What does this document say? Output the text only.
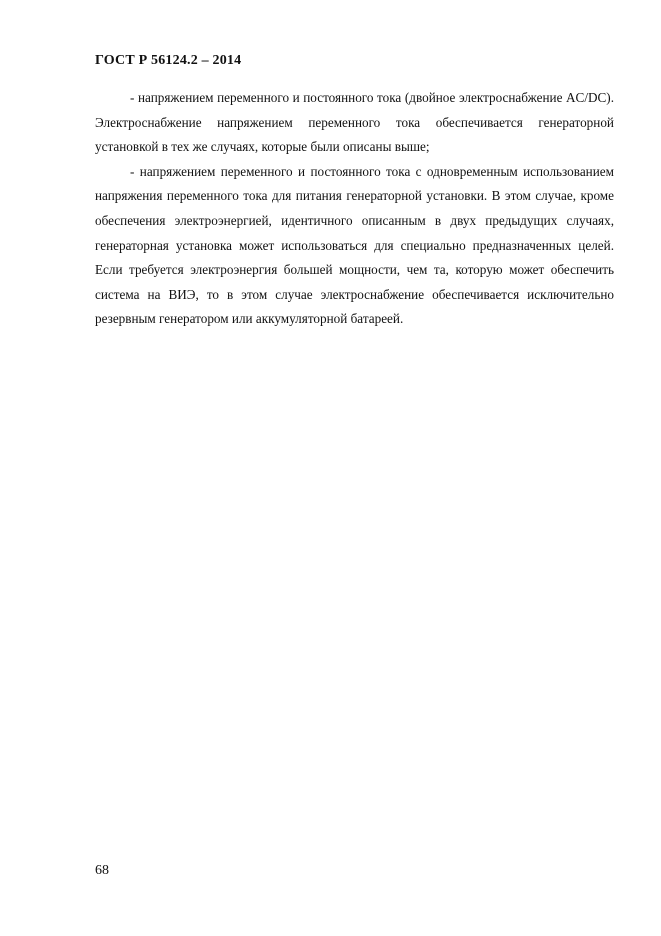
ГОСТ Р 56124.2 – 2014

- напряжением переменного и постоянного тока (двойное электроснабжение AC/DC). Электроснабжение напряжением переменного тока обеспечивается генераторной установкой в тех же случаях, которые были описаны выше;

- напряжением переменного и постоянного тока с одновременным использованием напряжения переменного тока для питания генераторной установки. В этом случае, кроме обеспечения электроэнергией, идентичного описанным в двух предыдущих случаях, генераторная установка может использоваться для специально предназначенных целей. Если требуется электроэнергия большей мощности, чем та, которую может обеспечить система на ВИЭ, то в этом случае электроснабжение обеспечивается исключительно резервным генератором или аккумуляторной батареей.

68
